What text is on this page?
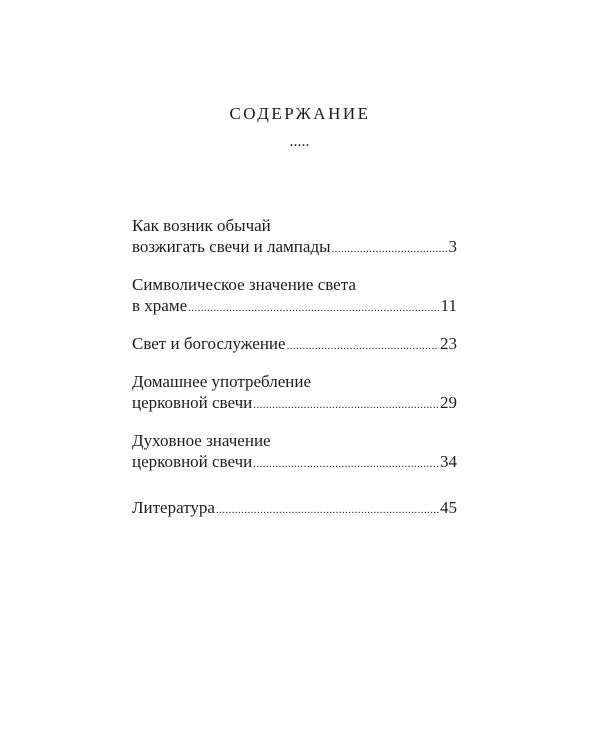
СОДЕРЖАНИЕ
.....
Как возник обычай
возжигать свечи и лампады .....	3
Символическое значение света
в храме .....	11
Свет и богослужение .....	23
Домашнее употребление
церковной свечи .....	29
Духовное значение
церковной свечи .....	34
Литература .....	45
